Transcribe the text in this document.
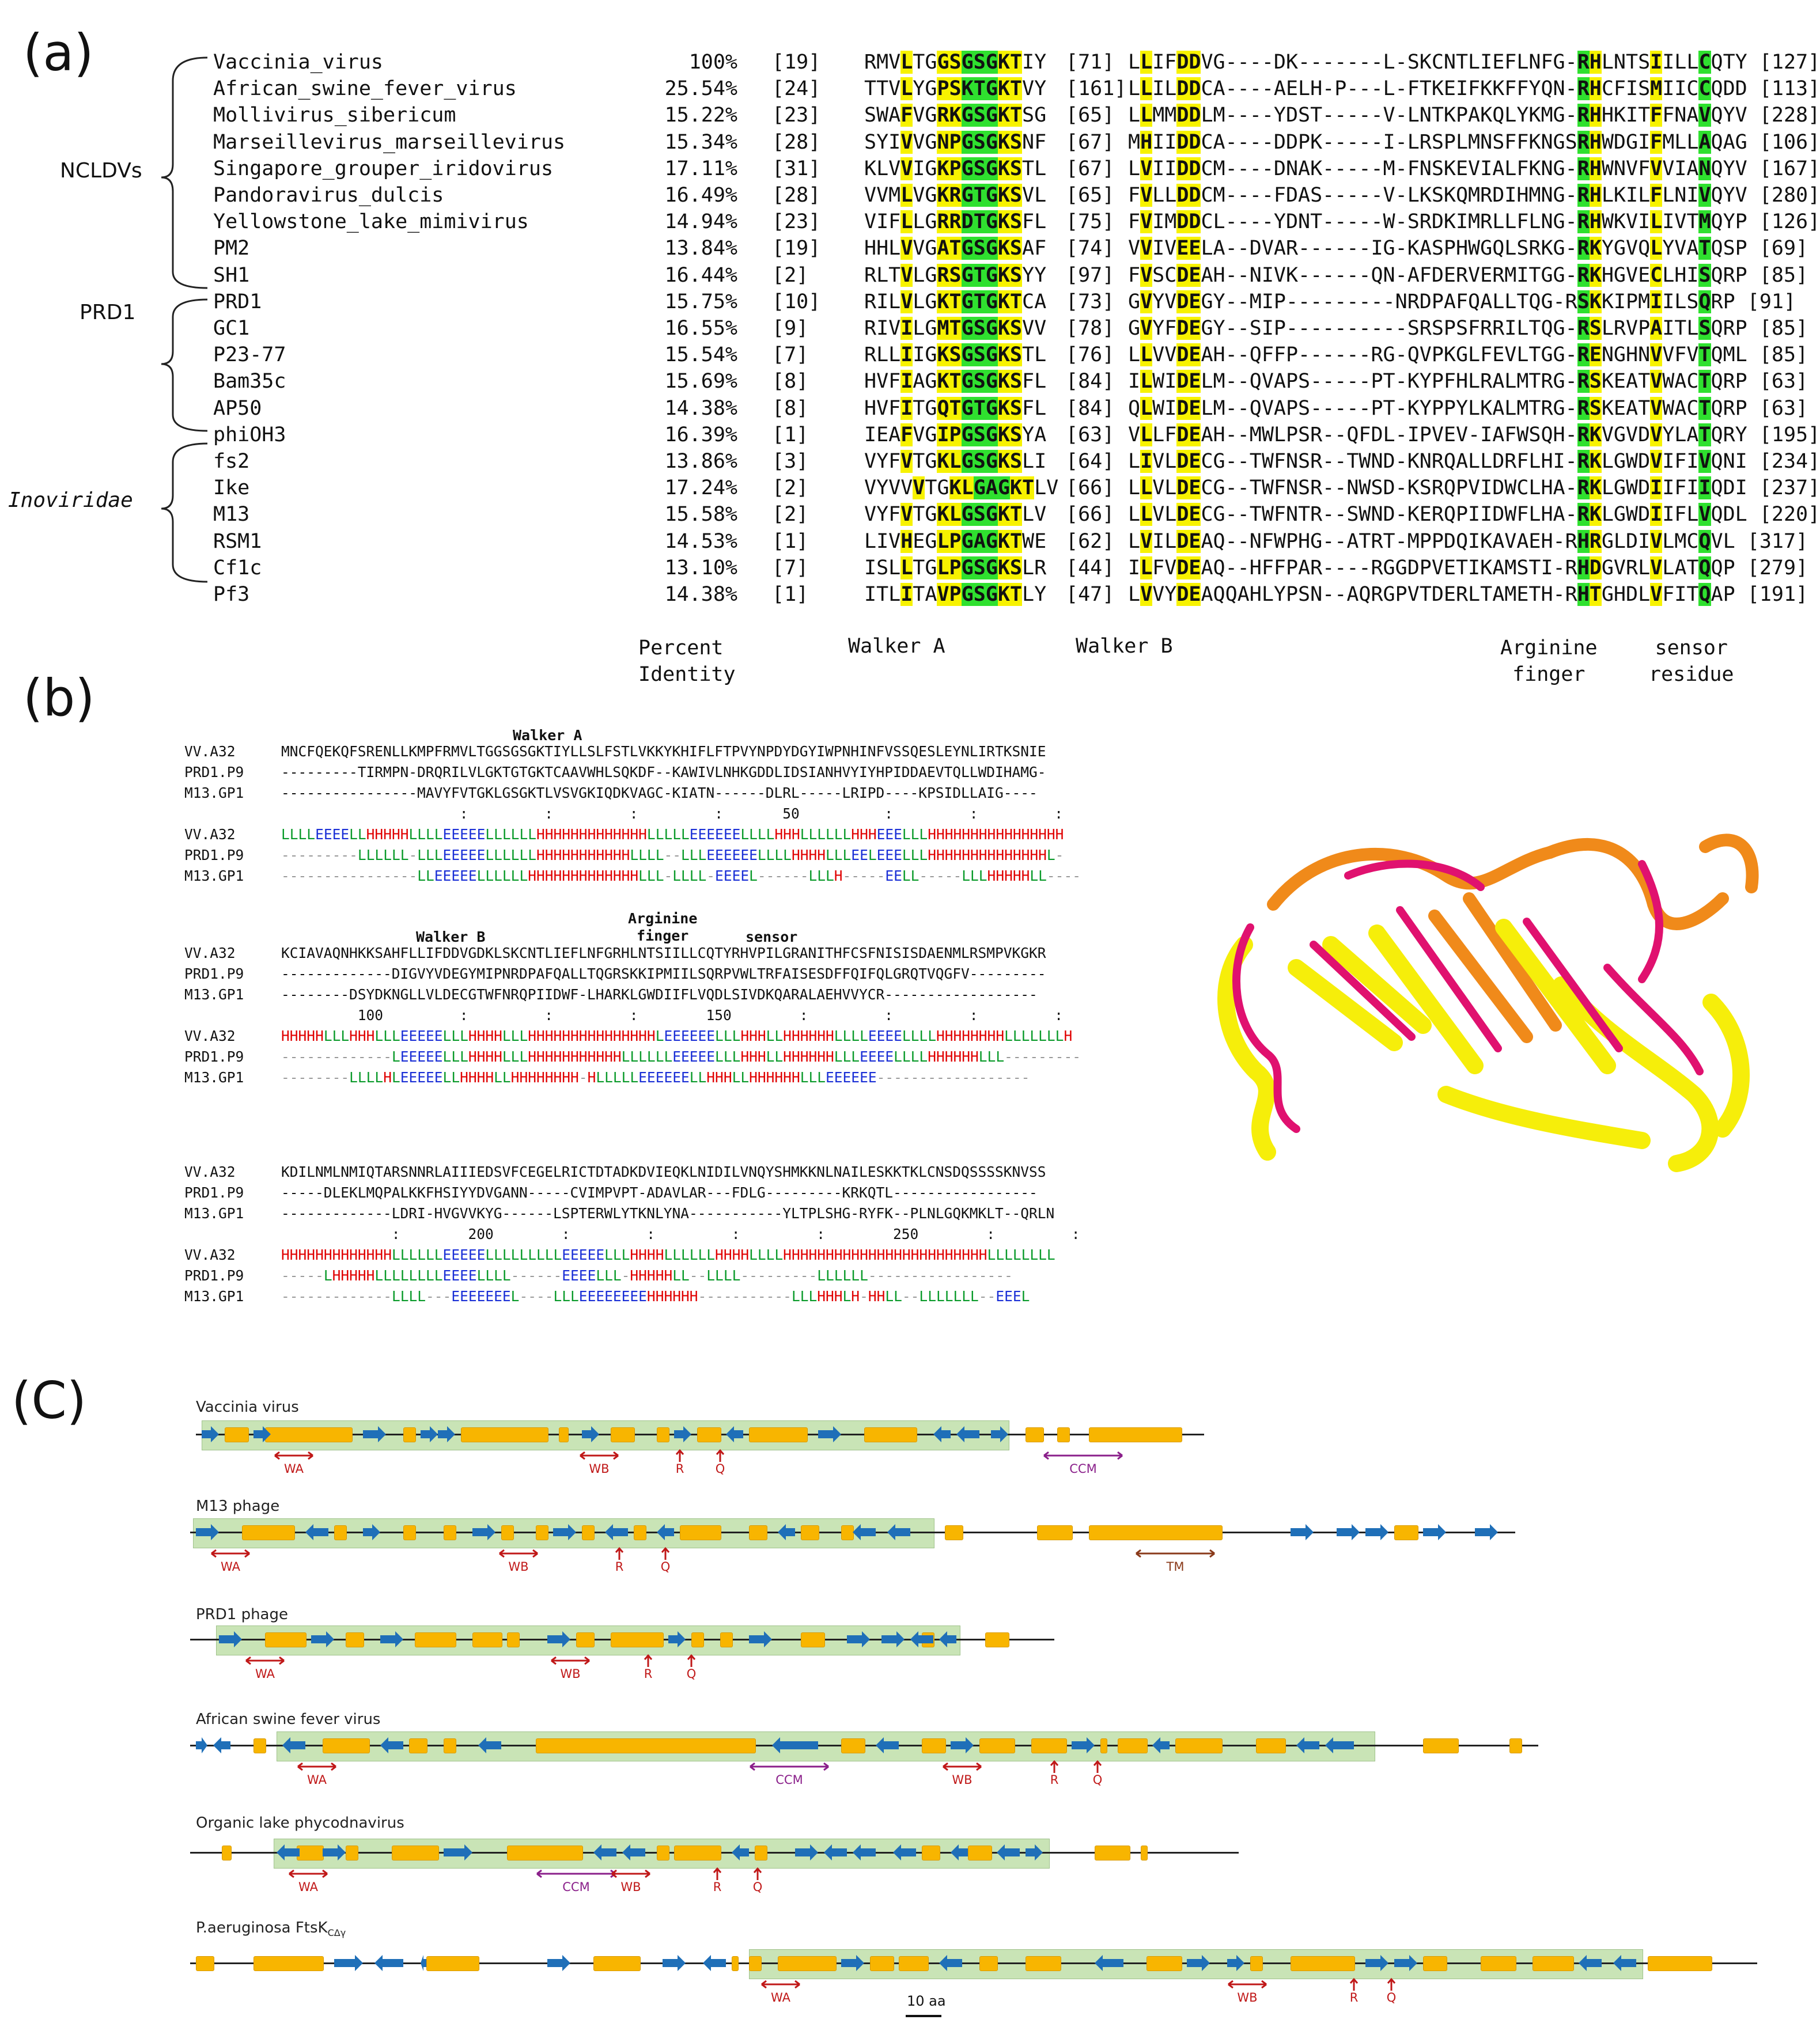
(a)
(b)
(C)
NCLDVs
PRD1
Inoviridae
Vaccinia_virus	100% [19] RMVLTGGSGSGKTIY [71] LLIFDDVG----DK-------L-SKCNTLIEFLNFG-RHLNTSIILLCQTY [127]
African_swine_fever_virus	25.54% [24] TTVLYGPSKTGKTVY [161]LLILDDCA----AELH-P---L-FTKEIFKKFFYQN-RHCFISMIICCQDD [113]
Mollivirus_sibericum	15.22% [23] SWAFVGRKGSGKTSG [65] LLMMDDLM----YDST-----V-LNTKPAKQLYKMG-RHHKITFFNAVQYV [228]
Marseillevirus_marseillevirus	15.34% [28] SYIVVGNPGSGKSNF [67] MHIIDDCA----DDPK-----I-LRSPLMNSFFKNGSRHWDGIFMLLAQAG [106]
Singapore_grouper_iridovirus	17.11% [31] KLVVIGKPGSGKSTL [67] LVIIDDCM----DNAK-----M-FNSKEVIALFKNG-RHWNVFVVIANQYV [167]
Pandoravirus_dulcis	16.49% [28] VVMLVGKRGTGKSVL [65] FVLLDDCM----FDAS-----V-LKSKQMRDIHMNG-RHLKILFLNIVQYV [280]
Yellowstone_lake_mimivirus	14.94% [23] VIFLLGRRDTGKSFL [75] FVIMDDCL----YDNT-----W-SRDKIMRLLFLNG-RHWKVILIVTMQYP [126]
PM2	13.84% [19] HHLVVGATGSGKSAF [74] VVIVEELA--DVAR------IG-KASPHWGQLSRKG-RKYGVQLYVATQSP [69]
SH1	16.44% [2]	RLTVLGRSGTGKSYY [97] FVSCDEAH--NIVK------QN-AFDERVERMITGG-RKHGVECLHISQRP [85]
PRD1	15.75% [10] RILVLGKTGTGKTCA [73] GVYVDEGY--MIP---------NRDPAFQALLTQG-RSKKIPMIILSQRP [91]
GC1	16.55% [9]	RIVILGMTGSGKSVV [78] GVYFDEGY--SIP----------SRSPSFRRILTQG-RSLRVPAITLSQRP [85]
P23-77	15.54% [7]	RLLIIGKSGSGKSTL [76] LLVVDEAH--QFFP------RG-QVPKGLFEVLTGG-RENGHNVVFVTQML [85]
Bam35c	15.69% [8]	HVFIAGKTGSGKSFL [84] ILWIDELM--QVAPS-----PT-KYPFHLRALMTRG-RSKEATVWACTQRP [63]
AP50	14.38% [8]	HVFITGQTGTGKSFL [84] QLWIDELM--QVAPS-----PT-KYPPYLKALMTRG-RSKEATVWACTQRP [63]
phiOH3	16.39% [1]	IEAFVGIPGSGKSYA [63] VLLFDEAH--MWLPSR--QFDL-IPVEV-IAFWSQH-RKVGVDVYLATQRY [195]
fs2	13.86% [3]	VYFVTGKLGSGKSLI [64] LIVLDECG--TWFNSR--TWND-KNRQALLDRFLHI-RKLGWDVIFIVQNI [234]
Ike	17.24% [2]	VYVVVTGKLGAGKTLV [66] LLVLDECG--TWFNSR--NWSD-KSRQPVIDWCLHA-RKLGWDIIFIIQDI [237]
M13	15.58% [2]	VYFVTGKLGSGKTLV [66] LLVLDECG--TWFNTR--SWND-KERQPIIDWFLHA-RKLGWDIIFLVQDL [220]
RSM1	14.53% [1]	LIVHEGLPGAGKTWE [62] LVILDEAQ--NFWPHG--ATRT-MPPDQIKAVAEH-RHRGLDIVLMCQVL [317]
Cf1c	13.10% [7]	ISLLTGLPGSGKSLR [44] ILFVDEAQ--HFFPAR----RGGDPVETIKAMSTI-RHDGVRLVLATQQP [279]
Pf3	14.38% [1]	ITLITAVPGSGKTLY [47] LVVYDEAQQAHLYPSN--AQRGPVTDERLTAMETH-RHTGHDLVFITQAP [191]
Percent
Identity
Walker A	Walker B	Arginine
finger
sensor
residue
Walker A
VV.A32	MNCFQEKQFSRENLLKMPFRMVLTGGSGSGKTIYLLSLFSTLVKKYKHIFLFTPVYNPDYDGYIWPNHINFVSSQESLEYNLIRTKSNIE
PRD1.P9	---------TIRMPN-DRQRILVLGKTGTGKTCAAVWHLSQKDF--KAWIVLNHKGDDLIDSIANHVYIYHPIDDAEVTQLLWDIHAMG-
M13.GP1	----------------MAVYFVTGKLGSGKTLVSVGKIQDKVAGC-KIATN------DLRL-----LRIPD----KPSIDLLAIG----
:         :         :         :       50          :         :         :
VV.A32	LLLLEEEELLHHHHHLLLLEEEEELLLLLLHHHHHHHHHHHHHLLLLLEEEEEELLLLHHHLLLLLLHHHEEELLLHHHHHHHHHHHHHHHH
PRD1.P9	---------LLLLLL-LLLEEEEELLLLLLHHHHHHHHHHHLLLL--LLLEEEEEELLLLHHHHLLLEELEEELLLHHHHHHHHHHHHHHL-
M13.GP1	----------------LLEEEEELLLLLLHHHHHHHHHHHHHLLL-LLLL-EEEEL------LLLH-----EELL-----LLLHHHHHLL----
Walker B
Arginine
finger	sensor
VV.A32	KCIAVAQNHKKSAHFLLIFDDVGDKLSKCNTLIEFLNFGRHLNTSIILLCQTYRHVPILGRANITHFCSFNISISDAENMLRSMPVKGKR
PRD1.P9	-------------DIGVYVDEGYMIPNRDPAFQALLTQGRSKKIPMIILSQRPVWLTRFAISESDFFQIFQLGRQTVQGFV---------
M13.GP1	--------DSYDKNGLLVLDECGTWFNRQPIIDWF-LHARKLGWDIIFLVQDLSIVDKQARALAEHVVYCR------------------
100         :         :         :        150        :         :         :         :
VV.A32	HHHHHLLLHHHLLLEEEEELLLHHHHLLLHHHHHHHHHHHHHHHLEEEEEELLLHHHLLHHHHHHLLLLEEEELLLLHHHHHHHHLLLLLLLH
PRD1.P9	-------------LEEEEELLLHHHHLLLHHHHHHHHHHHLLLLLLEEEEELLLHHHLLHHHHHHLLLEEEELLLLHHHHHHLLL---------
M13.GP1	--------LLLLHLEEEEELLHHHHLLHHHHHHHH-HLLLLLEEEEEELLHHHLLHHHHHHLLLEEEEEE------------------
VV.A32	KDILNMLNMIQTARSNNRLAIIIEDSVFCEGELRICTDTADKDVIEQKLNIDILVNQYSHMKKNLNAILESKKTKLCNSDQSSSSKNVSS
PRD1.P9	-----DLEKLMQPALKKFHSIYYDVGANN-----CVIMPVPT-ADAVLAR---FDLG---------KRKQTL-----------------
M13.GP1	-------------LDRI-HVGVVKYG------LSPTERWLYTKNLYNA-----------YLTPLSHG-RYFK--PLNLGQKMKLT--QRLN
:        200        :         :         :         :        250        :         :
VV.A32	HHHHHHHHHHHHHLLLLLLEEEEELLLLLLLLLEEEEELLLHHHHLLLLLLHHHHLLLLHHHHHHHHHHHHHHHHHHHHHHHHLLLLLLLL
PRD1.P9	-----LHHHHHLLLLLLLLEEEELLLL------EEEELLL-HHHHHLL--LLLL---------LLLLLL-----------------
M13.GP1	-------------LLLL---EEEEEEEL----LLLEEEEEEEEHHHHHH-----------LLLHHHLH-HHLL--LLLLLLL--EEEL
Vaccinia virus
WA	WB	R	Q	CCM
M13 phage
WA	WB	R	Q	TM
PRD1 phage
WA	WB	R	Q
African swine fever virus
WA	CCM	WB	R	Q
Organic lake phycodnavirus
WA	CCM	WB	R	Q
P.aeruginosa FtsK$_{C\Delta\gamma}$
WA	WB	R	Q
10 aa
